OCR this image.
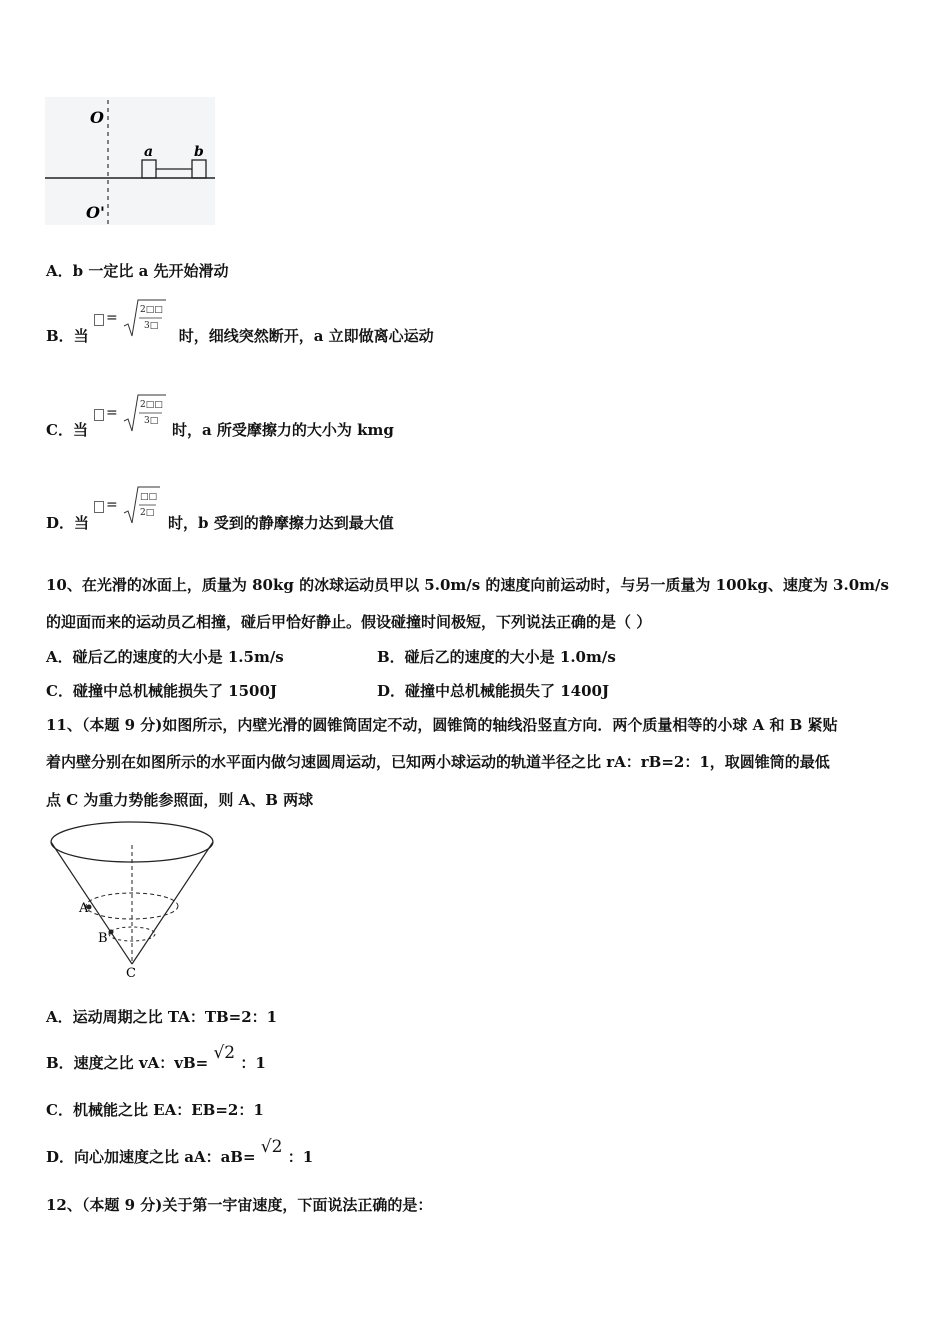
O
O'
a	b
A．b 一定比 a 先开始滑动
B．当	时，细线突然断开，a 立即做离心运动
= 2□□
3□
C．当	时，a 所受摩擦力的大小为 kmg
= 2□□
3□
D．当	时，b 受到的静摩擦力达到最大值
= □□
2□
10、在光滑的冰面上，质量为 80kg 的冰球运动员甲以 5.0m/s 的速度向前运动时，与另一质量为 100kg、速度为 3.0m/s
的迎面而来的运动员乙相撞，碰后甲恰好静止。假设碰撞时间极短，下列说法正确的是（ ）
A．碰后乙的速度的大小是 1.5m/s	B．碰后乙的速度的大小是 1.0m/s
C．碰撞中总机械能损失了 1500J	D．碰撞中总机械能损失了 1400J
11、（本题 9 分)如图所示，内壁光滑的圆锥筒固定不动，圆锥筒的轴线沿竖直方向．两个质量相等的小球 A 和 B 紧贴
着内壁分别在如图所示的水平面内做匀速圆周运动，已知两小球运动的轨道半径之比 rA：rB=2：1，取圆锥筒的最低
点 C 为重力势能参照面，则 A、B 两球
A
B
C
A．运动周期之比 TA：TB=2：1
B．速度之比 vA：vB= √2 ：1
C．机械能之比 EA：EB=2：1
D．向心加速度之比 aA：aB= √2 ：1
12、（本题 9 分)关于第一宇宙速度，下面说法正确的是：
